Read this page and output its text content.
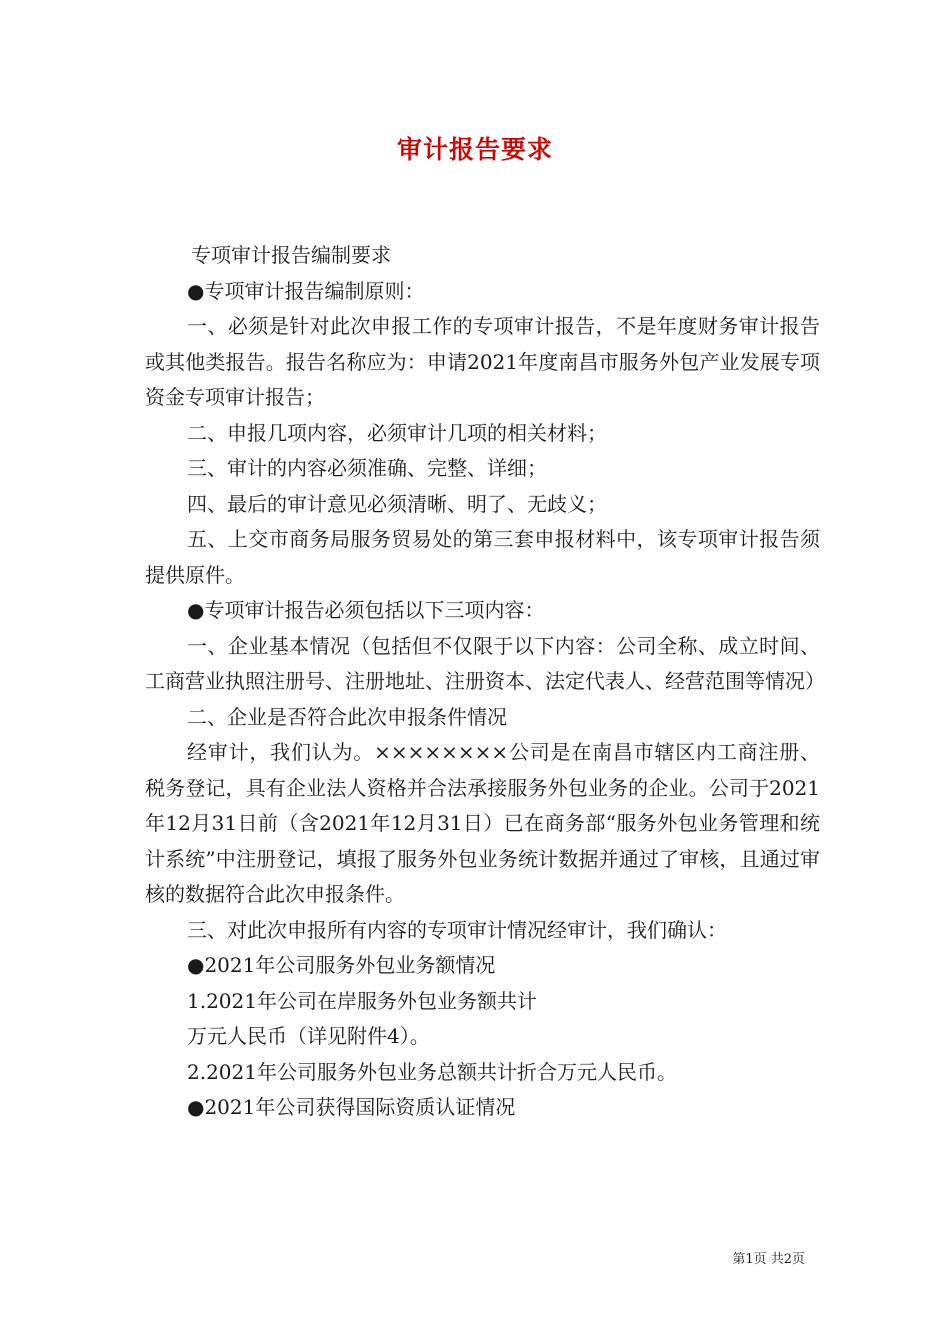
审计报告要求

专项审计报告编制要求

●专项审计报告编制原则：

一、必须是针对此次申报工作的专项审计报告，不是年度财务审计报告或其他类报告。报告名称应为：申请2021年度南昌市服务外包产业发展专项资金专项审计报告；

二、申报几项内容，必须审计几项的相关材料；

三、审计的内容必须准确、完整、详细；

四、最后的审计意见必须清晰、明了、无歧义；

五、上交市商务局服务贸易处的第三套申报材料中，该专项审计报告须提供原件。

●专项审计报告必须包括以下三项内容：

一、企业基本情况（包括但不仅限于以下内容：公司全称、成立时间、工商营业执照注册号、注册地址、注册资本、法定代表人、经营范围等情况）

二、企业是否符合此次申报条件情况

经审计，我们认为。××××××××公司是在南昌市辖区内工商注册、税务登记，具有企业法人资格并合法承接服务外包业务的企业。公司于2021年12月31日前（含2021年12月31日）已在商务部“服务外包业务管理和统计系统”中注册登记，填报了服务外包业务统计数据并通过了审核，且通过审核的数据符合此次申报条件。

三、对此次申报所有内容的专项审计情况经审计，我们确认：

●2021年公司服务外包业务额情况

1.2021年公司在岸服务外包业务额共计

万元人民币（详见附件4）。

2.2021年公司服务外包业务总额共计折合万元人民币。

●2021年公司获得国际资质认证情况

第1页 共2页
